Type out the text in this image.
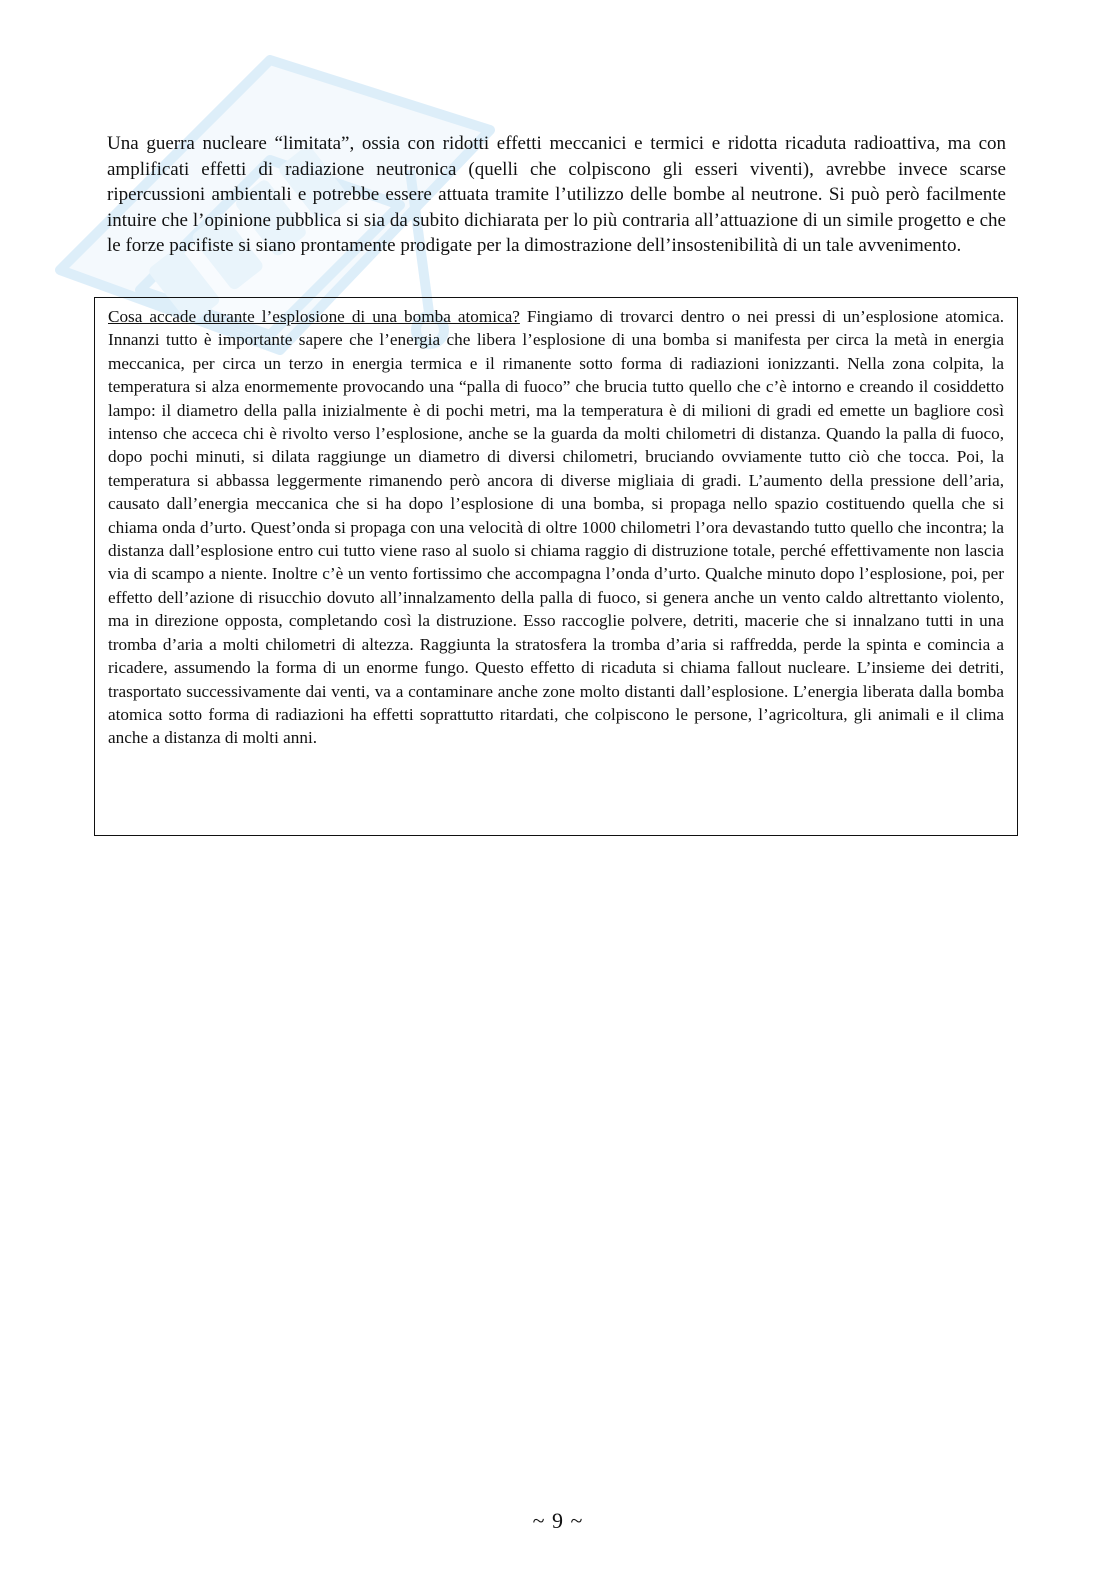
Una guerra nucleare “limitata”, ossia con ridotti effetti meccanici e termici e ridotta ricaduta radioattiva, ma con amplificati effetti di radiazione neutronica (quelli che colpiscono gli esseri viventi), avrebbe invece scarse ripercussioni ambientali e potrebbe essere attuata tramite l’utilizzo delle bombe al neutrone. Si può però facilmente intuire che l’opinione pubblica si sia da subito dichiarata per lo più contraria all’attuazione di un simile progetto e che le forze pacifiste si siano prontamente prodigate per la dimostrazione dell’insostenibilità di un tale avvenimento.

Cosa accade durante l’esplosione di una bomba atomica? Fingiamo di trovarci dentro o nei pressi di un’esplosione atomica. Innanzi tutto è importante sapere che l’energia che libera l’esplosione di una bomba si manifesta per circa la metà in energia meccanica, per circa un terzo in energia termica e il rimanente sotto forma di radiazioni ionizzanti. Nella zona colpita, la temperatura si alza enormemente provocando una “palla di fuoco” che brucia tutto quello che c’è intorno e creando il cosiddetto lampo: il diametro della palla inizialmente è di pochi metri, ma la temperatura è di milioni di gradi ed emette un bagliore così intenso che acceca chi è rivolto verso l’esplosione, anche se la guarda da molti chilometri di distanza. Quando la palla di fuoco, dopo pochi minuti, si dilata raggiunge un diametro di diversi chilometri, bruciando ovviamente tutto ciò che tocca. Poi, la temperatura si abbassa leggermente rimanendo però ancora di diverse migliaia di gradi. L’aumento della pressione dell’aria, causato dall’energia meccanica che si ha dopo l’esplosione di una bomba, si propaga nello spazio costituendo quella che si chiama onda d’urto. Quest’onda si propaga con una velocità di oltre 1000 chilometri l’ora devastando tutto quello che incontra; la distanza dall’esplosione entro cui tutto viene raso al suolo si chiama raggio di distruzione totale, perché effettivamente non lascia via di scampo a niente. Inoltre c’è un vento fortissimo che accompagna l’onda d’urto. Qualche minuto dopo l’esplosione, poi, per effetto dell’azione di risucchio dovuto all’innalzamento della palla di fuoco, si genera anche un vento caldo altrettanto violento, ma in direzione opposta, completando così la distruzione. Esso raccoglie polvere, detriti, macerie che si innalzano tutti in una tromba d’aria a molti chilometri di altezza. Raggiunta la stratosfera la tromba d’aria si raffredda, perde la spinta e comincia a ricadere, assumendo la forma di un enorme fungo. Questo effetto di ricaduta si chiama fallout nucleare. L’insieme dei detriti, trasportato successivamente dai venti, va a contaminare anche zone molto distanti dall’esplosione. L’energia liberata dalla bomba atomica sotto forma di radiazioni ha effetti soprattutto ritardati, che colpiscono le persone, l’agricoltura, gli animali e il clima anche a distanza di molti anni.

~ 9 ~
